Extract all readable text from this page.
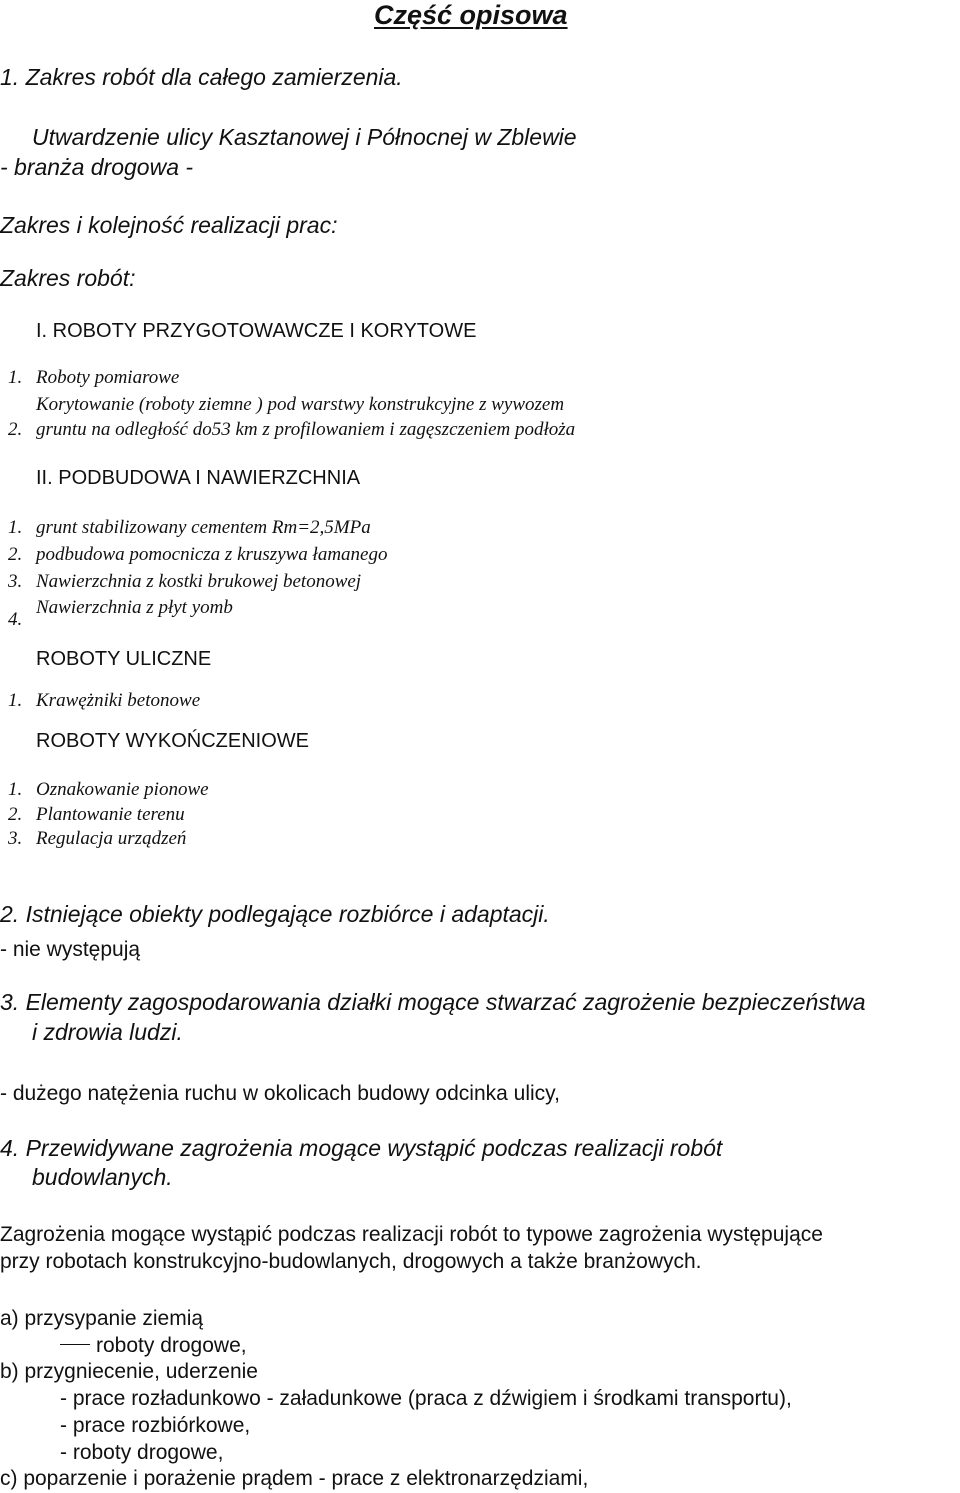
Część opisowa
1. Zakres robót dla całego zamierzenia.
Utwardzenie ulicy Kasztanowej i Północnej w Zblewie
- branża drogowa -
Zakres i kolejność realizacji prac:
Zakres robót:
I. ROBOTY PRZYGOTOWAWCZE I KORYTOWE
1. Roboty pomiarowe
Korytowanie (roboty ziemne ) pod warstwy konstrukcyjne z wywozem
2. gruntu na odległość do53 km z profilowaniem i zagęszczeniem podłoża
II. PODBUDOWA I NAWIERZCHNIA
1. grunt stabilizowany cementem Rm=2,5MPa
2. podbudowa pomocnicza z kruszywa łamanego
3. Nawierzchnia z kostki brukowej betonowej
4.
Nawierzchnia z płyt yomb
ROBOTY ULICZNE
1. Krawężniki betonowe
ROBOTY WYKOŃCZENIOWE
1. Oznakowanie pionowe
2. Plantowanie terenu
3. Regulacja urządzeń
2. Istniejące obiekty podlegające rozbiórce i adaptacji.
- nie występują
3. Elementy zagospodarowania działki mogące stwarzać zagrożenie bezpieczeństwa
i zdrowia ludzi.
- dużego natężenia ruchu w okolicach budowy odcinka ulicy,
4. Przewidywane zagrożenia mogące wystąpić podczas realizacji robót
budowlanych.
Zagrożenia mogące wystąpić podczas realizacji robót to typowe zagrożenia występujące
przy robotach konstrukcyjno-budowlanych, drogowych a także branżowych.
a) przysypanie ziemią
roboty drogowe,
b) przygniecenie, uderzenie
- prace rozładunkowo - załadunkowe (praca z dźwigiem i środkami transportu),
- prace rozbiórkowe,
- roboty drogowe,
c) poparzenie i porażenie prądem - prace z elektronarzędziami,
